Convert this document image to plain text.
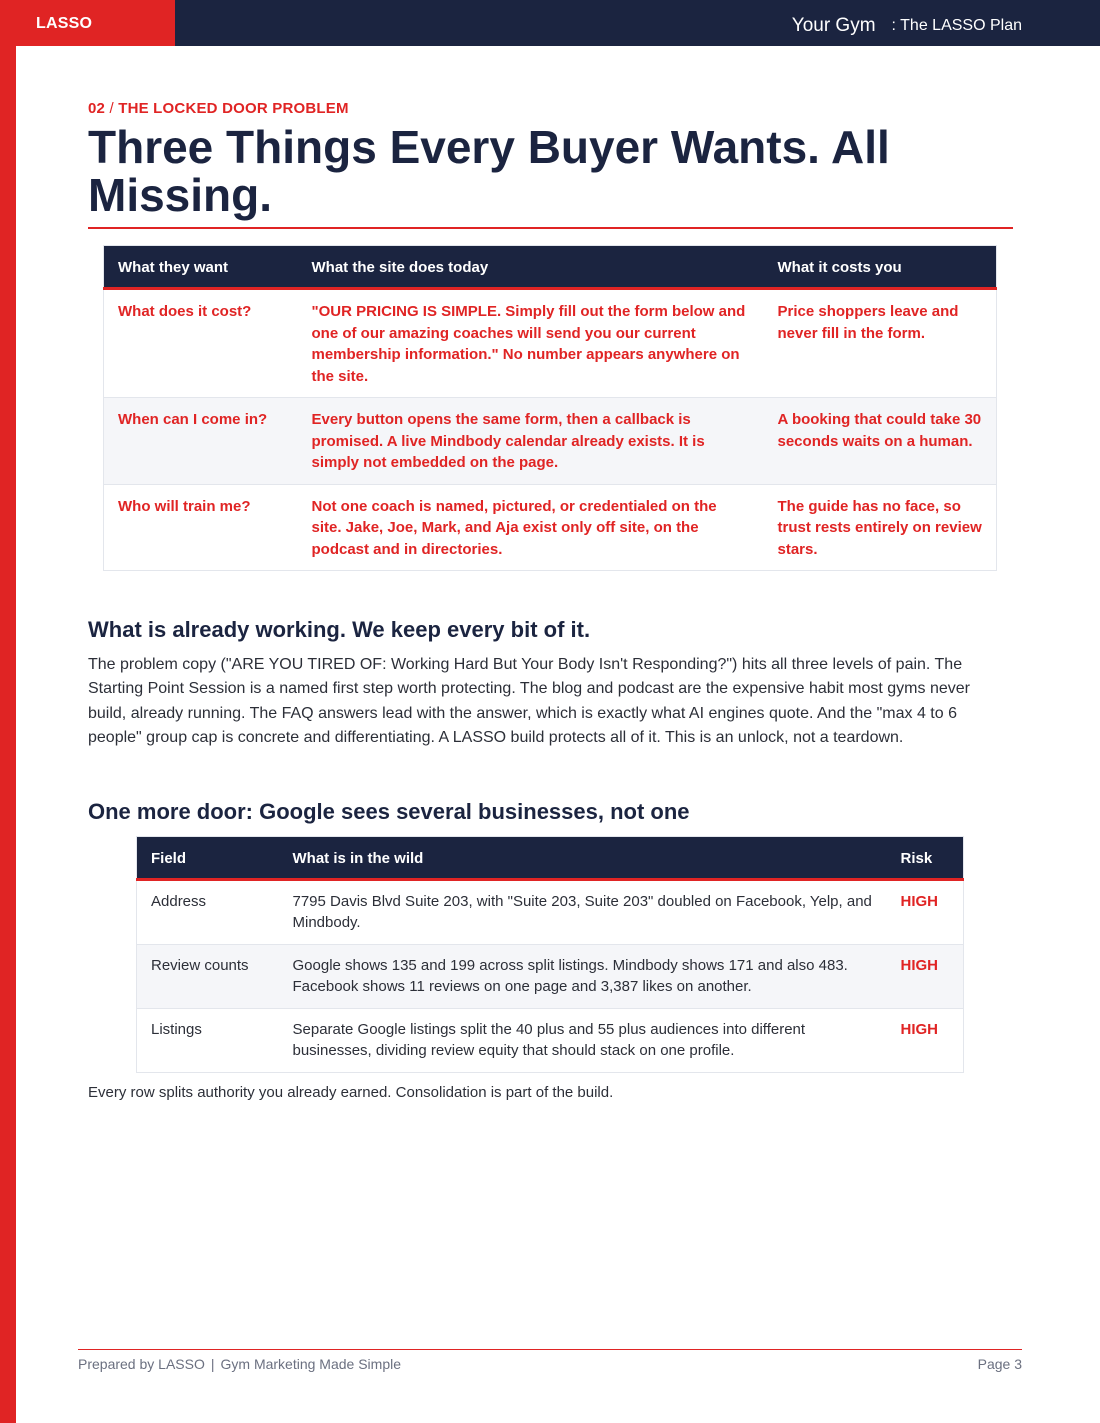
LASSO	Your Gym : The LASSO Plan
02 / THE LOCKED DOOR PROBLEM
Three Things Every Buyer Wants. All Missing.
What they want	What the site does today	What it costs you
What does it cost?	"OUR PRICING IS SIMPLE. Simply fill out the form below and one of our amazing coaches will send you our current membership information." No number appears anywhere on the site.	Price shoppers leave and never fill in the form.
When can I come in?	Every button opens the same form, then a callback is promised. A live Mindbody calendar already exists. It is simply not embedded on the page.	A booking that could take 30 seconds waits on a human.
Who will train me?	Not one coach is named, pictured, or credentialed on the site. Jake, Joe, Mark, and Aja exist only off site, on the podcast and in directories.	The guide has no face, so trust rests entirely on review stars.
What is already working. We keep every bit of it.

The problem copy ("ARE YOU TIRED OF: Working Hard But Your Body Isn't Responding?") hits all three levels of pain. The Starting Point Session is a named first step worth protecting. The blog and podcast are the expensive habit most gyms never build, already running. The FAQ answers lead with the answer, which is exactly what AI engines quote. And the "max 4 to 6 people" group cap is concrete and differentiating. A LASSO build protects all of it. This is an unlock, not a teardown.

One more door: Google sees several businesses, not one
Field	What is in the wild	Risk
Address	7795 Davis Blvd Suite 203, with "Suite 203, Suite 203" doubled on Facebook, Yelp, and Mindbody.	HIGH
Review counts	Google shows 135 and 199 across split listings. Mindbody shows 171 and also 483. Facebook shows 11 reviews on one page and 3,387 likes on another.	HIGH
Listings	Separate Google listings split the 40 plus and 55 plus audiences into different businesses, dividing review equity that should stack on one profile.	HIGH

Every row splits authority you already earned. Consolidation is part of the build.

Prepared by LASSO | Gym Marketing Made Simple	Page 3
